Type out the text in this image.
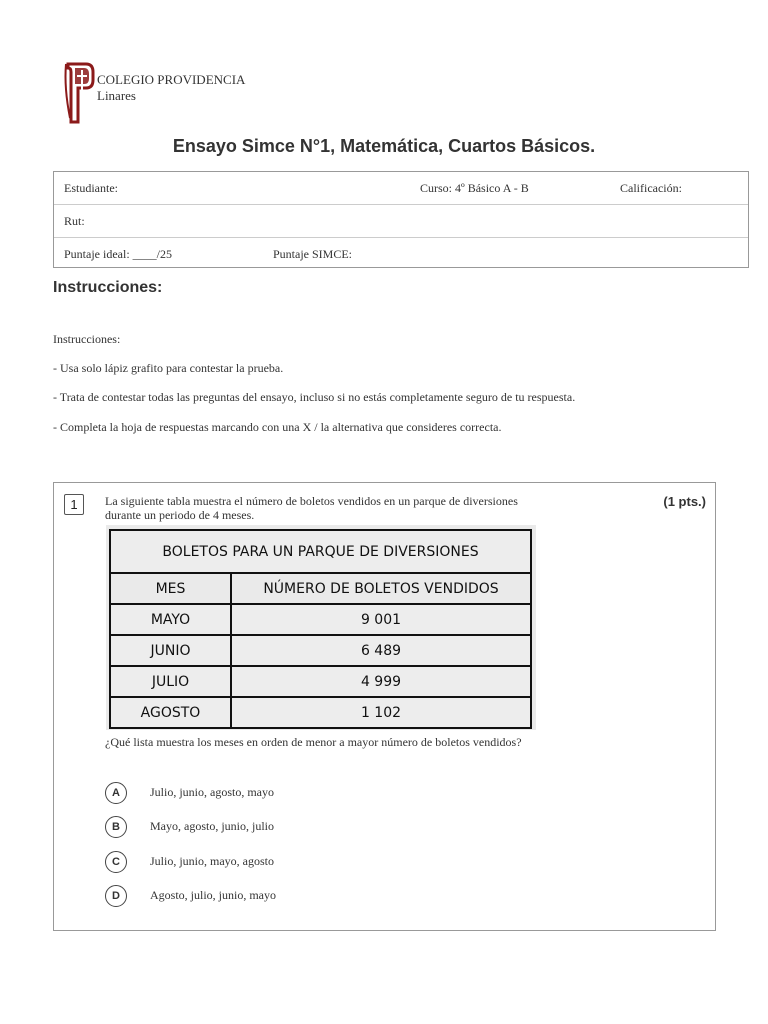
COLEGIO PROVIDENCIA
Linares
Ensayo Simce N°1, Matemática, Cuartos Básicos.
Estudiante:	Curso: 4º Básico A - B	Calificación:
Rut:
Puntaje ideal: ____/25	Puntaje SIMCE:
Instrucciones:
Instrucciones:
- Usa solo lápiz grafito para contestar la prueba.
- Trata de contestar todas las preguntas del ensayo, incluso si no estás completamente seguro de tu respuesta.
- Completa la hoja de respuestas marcando con una X / la alternativa que consideres correcta.
1	La siguiente tabla muestra el número de boletos vendidos en un parque de diversiones durante un periodo de 4 meses.
(1 pts.)
BOLETOS PARA UN PARQUE DE DIVERSIONES	
MES	NÚMERO DE BOLETOS VENDIDOS
MAYO	9 001
JUNIO	6 489
JULIO	4 999
AGOSTO	1 102
¿Qué lista muestra los meses en orden de menor a mayor número de boletos vendidos?
A	Julio, junio, agosto, mayo
B	Mayo, agosto, junio, julio
C	Julio, junio, mayo, agosto
D	Agosto, julio, junio, mayo
